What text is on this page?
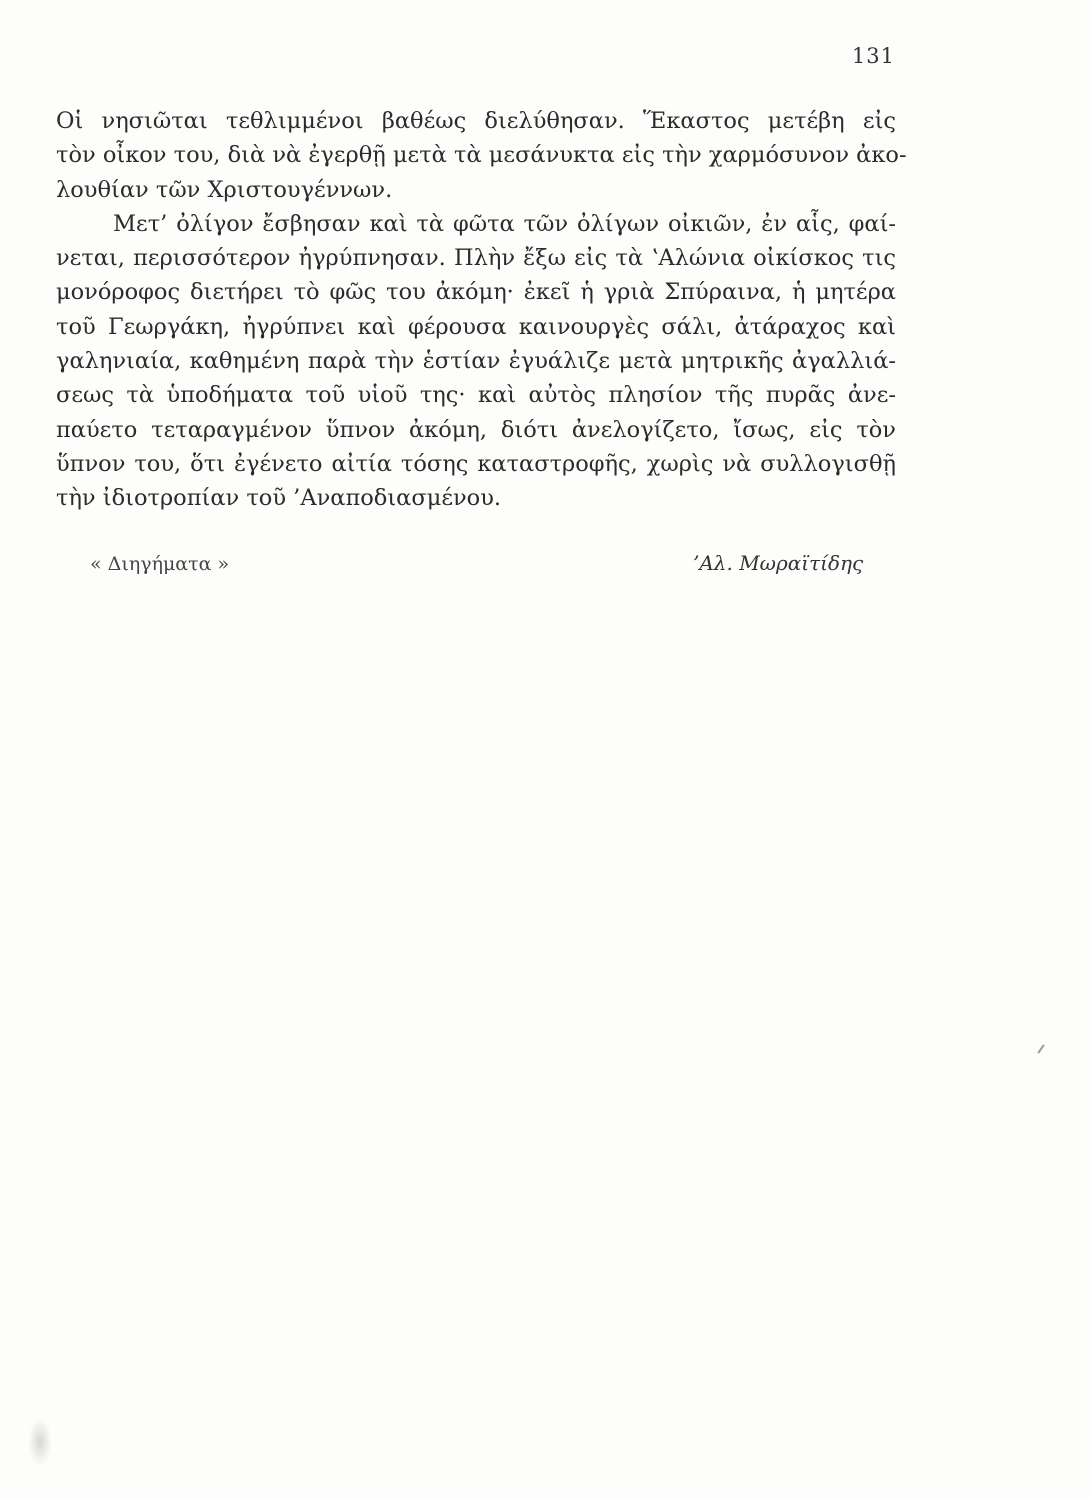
131
Οἱ νησιῶται τεθλιμμένοι βαθέως διελύθησαν. Ἕκαστος μετέβη εἰς
τὸν οἶκον του, διὰ νὰ ἐγερθῇ μετὰ τὰ μεσάνυκτα εἰς τὴν χαρμόσυνον ἀκο-
λουθίαν τῶν Χριστουγέννων.
Μετ’ ὀλίγον ἔσβησαν καὶ τὰ φῶτα τῶν ὀλίγων οἰκιῶν, ἐν αἷς, φαί-
νεται, περισσότερον ἠγρύπνησαν. Πλὴν ἔξω εἰς τὰ ʽΑλώνια οἰκίσκος τις
μονόροφος διετήρει τὸ φῶς του ἀκόμη· ἐκεῖ ἡ γριὰ Σπύραινα, ἡ μητέρα
τοῦ Γεωργάκη, ἠγρύπνει καὶ φέρουσα καινουργὲς σάλι, ἀτάραχος καὶ
γαληνιαία, καθημένη παρὰ τὴν ἑστίαν ἐγυάλιζε μετὰ μητρικῆς ἀγαλλιά-
σεως τὰ ὑποδήματα τοῦ υἱοῦ της· καὶ αὐτὸς πλησίον τῆς πυρᾶς ἀνε-
παύετο τεταραγμένον ὕπνον ἀκόμη, διότι ἀνελογίζετο, ἴσως, εἰς τὸν
ὕπνον του, ὅτι ἐγένετο αἰτία τόσης καταστροφῆς, χωρὶς νὰ συλλογισθῇ
τὴν ἰδιοτροπίαν τοῦ ’Αναποδιασμένου.
« Διηγήματα »	’Αλ. Μωραϊτίδης
